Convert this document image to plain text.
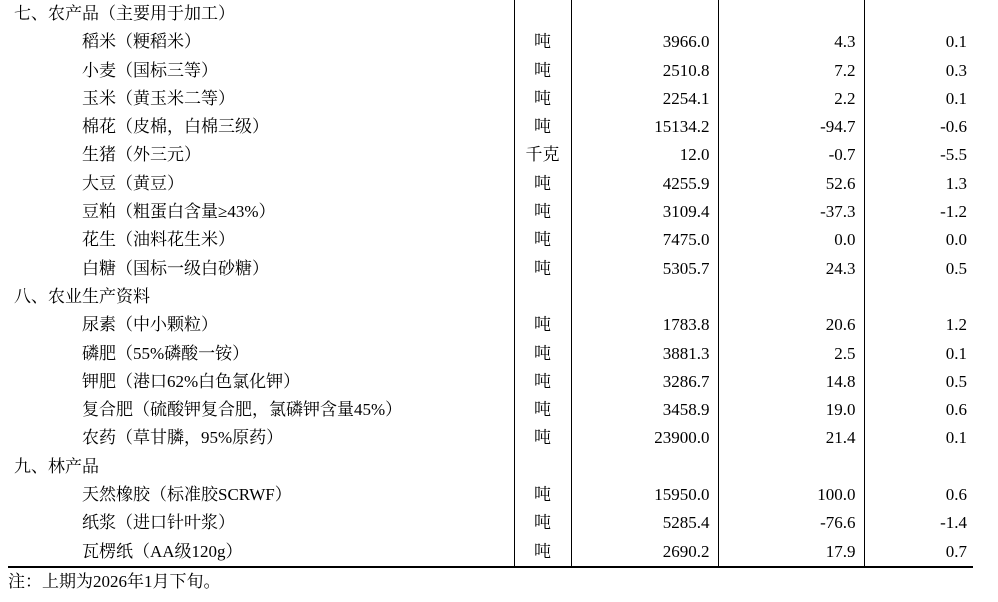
七、农产品（主要用于加工）				
稻米（粳稻米）	吨	3966.0	4.3	0.1
小麦（国标三等）	吨	2510.8	7.2	0.3
玉米（黄玉米二等）	吨	2254.1	2.2	0.1
棉花（皮棉，白棉三级）	吨	15134.2	-94.7	-0.6
生猪（外三元）	千克	12.0	-0.7	-5.5
大豆（黄豆）	吨	4255.9	52.6	1.3
豆粕（粗蛋白含量≥43%）	吨	3109.4	-37.3	-1.2
花生（油料花生米）	吨	7475.0	0.0	0.0
白糖（国标一级白砂糖）	吨	5305.7	24.3	0.5
八、农业生产资料				
尿素（中小颗粒）	吨	1783.8	20.6	1.2
磷肥（55%磷酸一铵）	吨	3881.3	2.5	0.1
钾肥（港口62%白色氯化钾）	吨	3286.7	14.8	0.5
复合肥（硫酸钾复合肥，氯磷钾含量45%）	吨	3458.9	19.0	0.6
农药（草甘膦，95%原药）	吨	23900.0	21.4	0.1
九、林产品				
天然橡胶（标准胶SCRWF）	吨	15950.0	100.0	0.6
纸浆（进口针叶浆）	吨	5285.4	-76.6	-1.4
瓦楞纸（AA级120g）	吨	2690.2	17.9	0.7
注：上期为2026年1月下旬。
